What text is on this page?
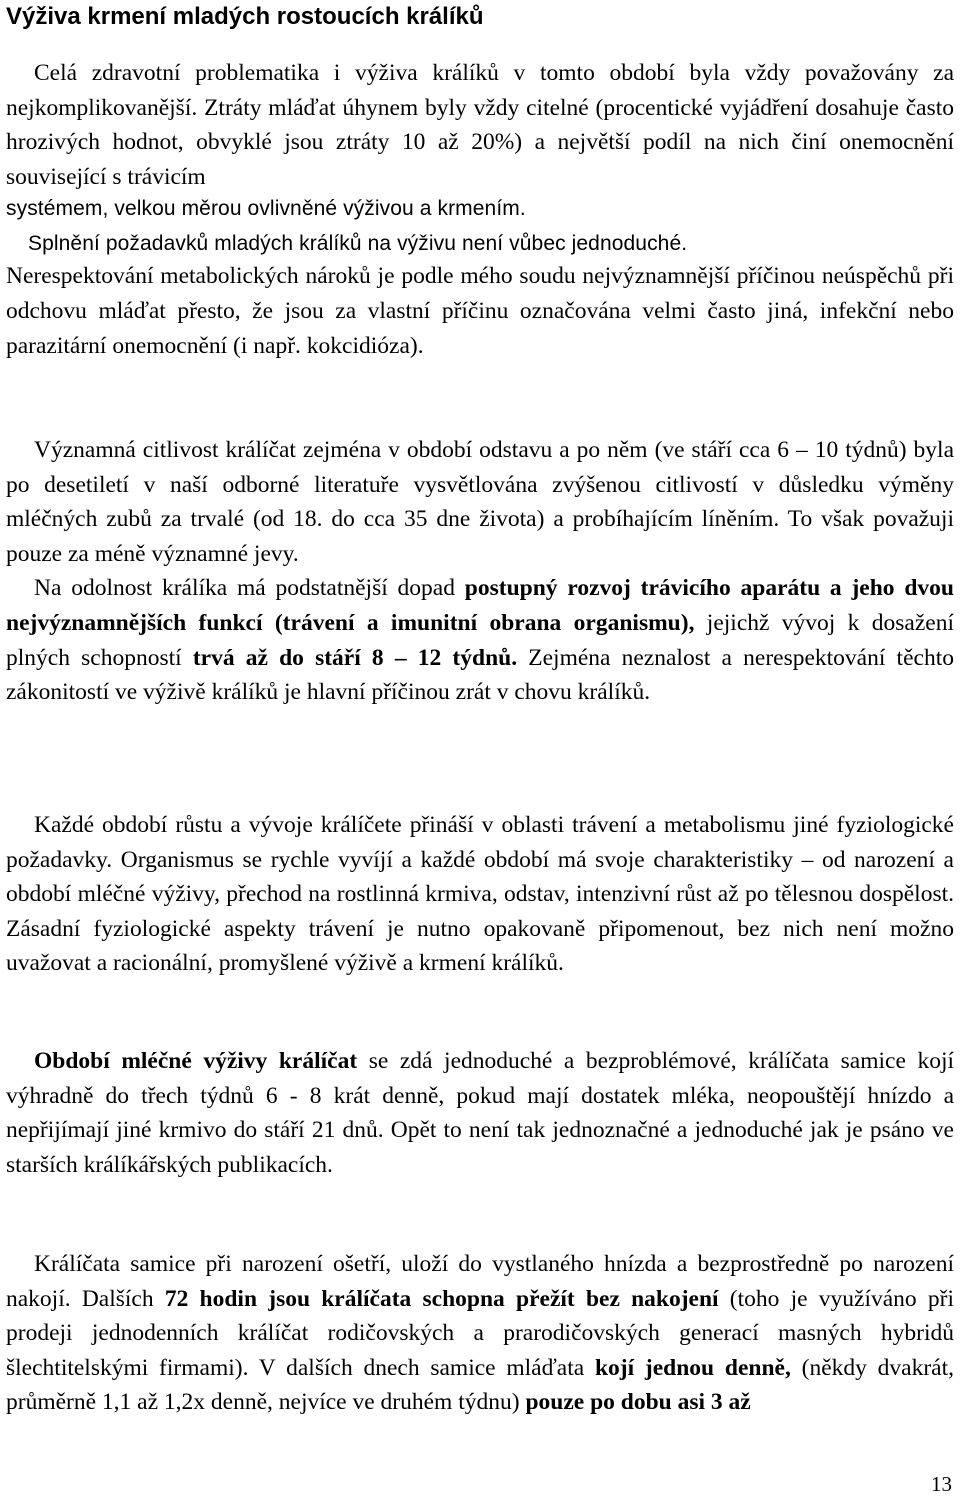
Výživa krmení mladých rostoucích králíků

Celá zdravotní problematika i výživa králíků v tomto období byla vždy považovány za nejkomplikovanější. Ztráty mláďat úhynem byly vždy citelné (procentické vyjádření dosahuje často hrozivých hodnot, obvyklé jsou ztráty 10 až 20%) a největší podíl na nich činí onemocnění související s trávicím

systémem, velkou měrou ovlivněné výživou a krmením.

Splnění požadavků mladých králíků na výživu není vůbec jednoduché.

Nerespektování metabolických nároků je podle mého soudu nejvýznamnější příčinou neúspěchů při odchovu mláďat přesto, že jsou za vlastní příčinu označována velmi často jiná, infekční nebo parazitární onemocnění (i např. kokcidióza).

Významná citlivost králíčat zejména v období odstavu a po něm (ve stáří cca 6 – 10 týdnů) byla po desetiletí v naší odborné literatuře vysvětlována zvýšenou citlivostí v důsledku výměny mléčných zubů za trvalé (od 18. do cca 35 dne života) a probíhajícím líněním. To však považuji pouze za méně významné jevy.

Na odolnost králíka má podstatnější dopad postupný rozvoj trávicího aparátu a jeho dvou nejvýznamnějších funkcí (trávení a imunitní obrana organismu), jejichž vývoj k dosažení plných schopností trvá až do stáří 8 – 12 týdnů. Zejména neznalost a nerespektování těchto zákonitostí ve výživě králíků je hlavní příčinou zrát v chovu králíků.

Každé období růstu a vývoje králíčete přináší v oblasti trávení a metabolismu jiné fyziologické požadavky. Organismus se rychle vyvíjí a každé období má svoje charakteristiky – od narození a období mléčné výživy, přechod na rostlinná krmiva, odstav, intenzivní růst až po tělesnou dospělost. Zásadní fyziologické aspekty trávení je nutno opakovaně připomenout, bez nich není možno uvažovat a racionální, promyšlené výživě a krmení králíků.

Období mléčné výživy králíčat se zdá jednoduché a bezproblémové, králíčata samice kojí výhradně do třech týdnů 6 - 8 krát denně, pokud mají dostatek mléka, neopouštějí hnízdo a nepřijímají jiné krmivo do stáří 21 dnů. Opět to není tak jednoznačné a jednoduché jak je psáno ve starších králíkářských publikacích.

Králíčata samice při narození ošetří, uloží do vystlaného hnízda a bezprostředně po narození nakojí. Dalších 72 hodin jsou králíčata schopna přežít bez nakojení (toho je využíváno při prodeji jednodenních králíčat rodičovských a prarodičovských generací masných hybridů šlechtitelskými firmami). V dalších dnech samice mláďata kojí jednou denně, (někdy dvakrát, průměrně 1,1 až 1,2x denně, nejvíce ve druhém týdnu) pouze po dobu asi 3 až

13
